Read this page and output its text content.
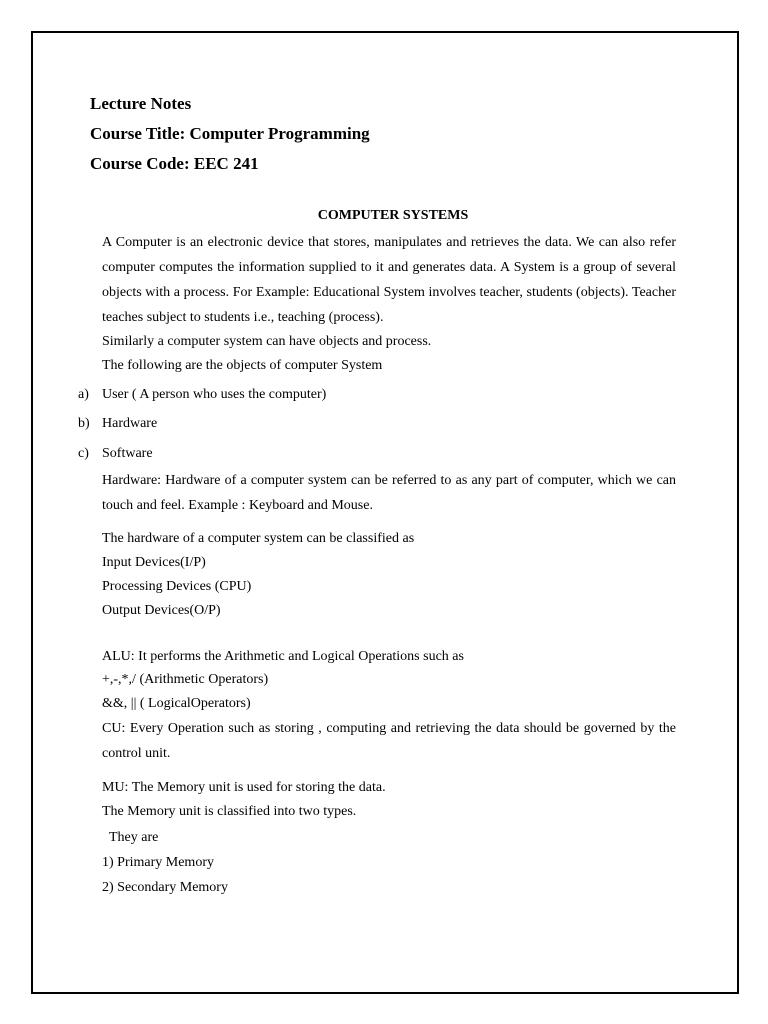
Lecture Notes
Course Title: Computer Programming
Course Code: EEC 241
COMPUTER SYSTEMS
A Computer is an electronic device that stores, manipulates and retrieves the data. We can also refer computer computes the information supplied to it and generates data. A System is a group of several objects with a process. For Example: Educational System involves teacher, students (objects). Teacher teaches subject to students i.e., teaching (process).
Similarly a computer system can have objects and process.
The following are the objects of computer System
a) User ( A person who uses the computer)
b) Hardware
c) Software
Hardware: Hardware of a computer system can be referred to as any part of computer, which we can touch and feel. Example : Keyboard and Mouse.
The hardware of a computer system can be classified as
Input Devices(I/P)
Processing Devices (CPU)
Output Devices(O/P)
ALU: It performs the Arithmetic and Logical Operations such as
+,-,*,/ (Arithmetic Operators)
&&, || ( LogicalOperators)
CU: Every Operation such as storing , computing and retrieving the data should be governed by the control unit.
MU: The Memory unit is used for storing the data.
The Memory unit is classified into two types.
They are
1) Primary Memory
2) Secondary Memory
